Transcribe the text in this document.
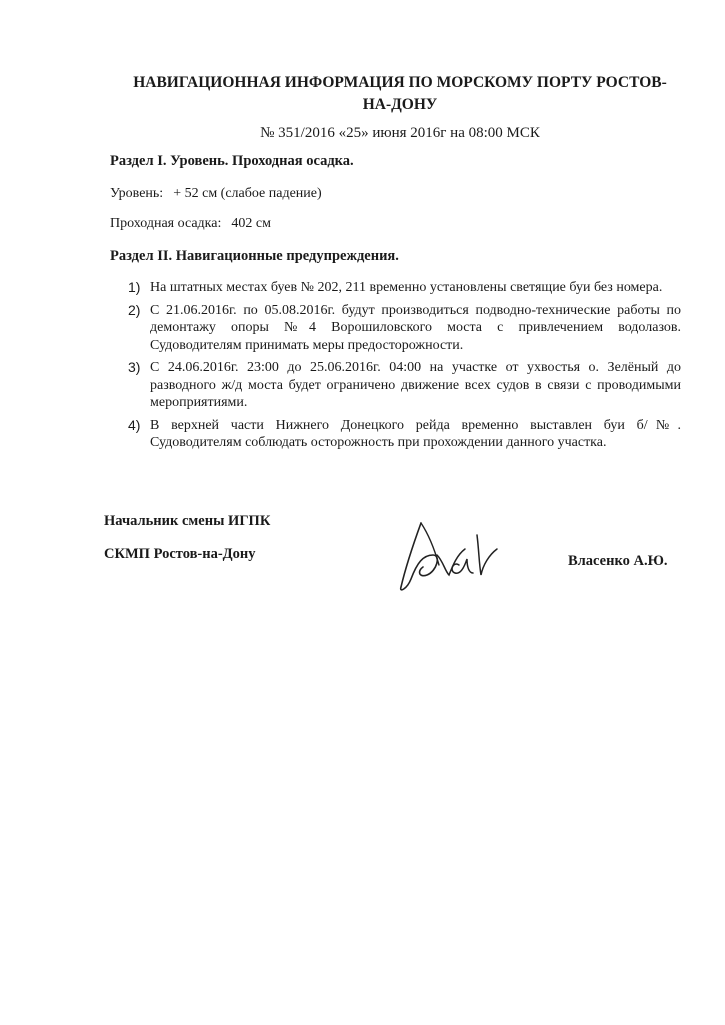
НАВИГАЦИОННАЯ ИНФОРМАЦИЯ ПО МОРСКОМУ ПОРТУ РОСТОВ-НА-ДОНУ
№ 351/2016 «25» июня 2016г на 08:00 МСК
Раздел I. Уровень. Проходная осадка.
Уровень: + 52 см (слабое падение)
Проходная осадка: 402 см
Раздел II. Навигационные предупреждения.
1) На штатных местах буев № 202, 211 временно установлены светящие буи без номера.
2) С 21.06.2016г. по 05.08.2016г. будут производиться подводно-технические работы по демонтажу опоры №4 Ворошиловского моста с привлечением водолазов. Судоводителям принимать меры предосторожности.
3) С 24.06.2016г. 23:00 до 25.06.2016г. 04:00 на участке от ухвостья о. Зелёный до разводного ж/д моста будет ограничено движение всех судов в связи с проводимыми мероприятиями.
4) В верхней части Нижнего Донецкого рейда временно выставлен буи б/№. Судоводителям соблюдать осторожность при прохождении данного участка.
Начальник смены ИГПК
СКМП Ростов-на-Дону	Власенко А.Ю.
